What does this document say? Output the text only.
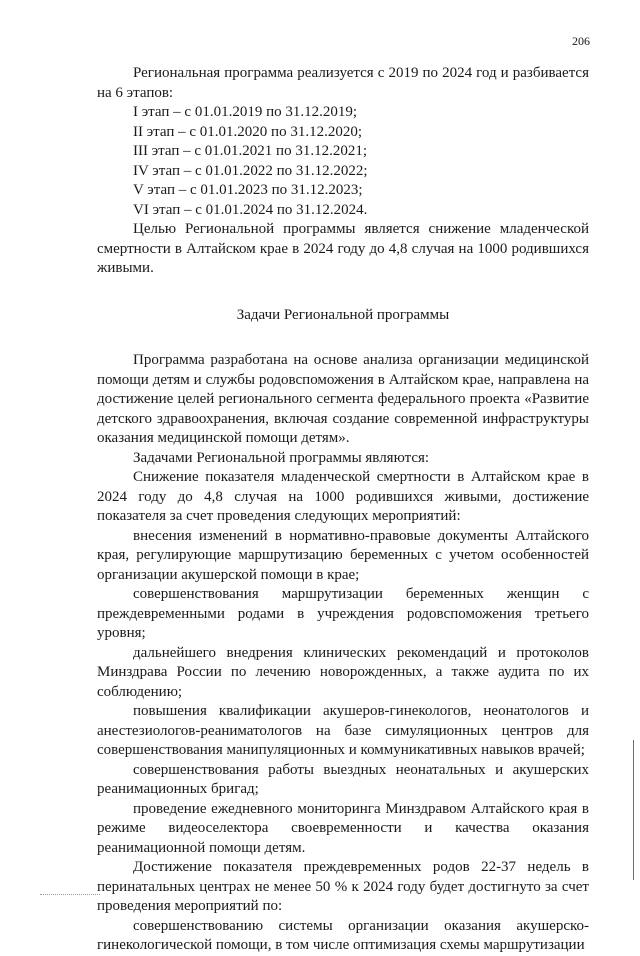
206

Региональная программа реализуется с 2019 по 2024 год и разбивается на 6 этапов:

I этап – с 01.01.2019 по 31.12.2019;

II этап – с 01.01.2020 по 31.12.2020;

III этап – с 01.01.2021 по 31.12.2021;

IV этап – с 01.01.2022 по 31.12.2022;

V этап – с 01.01.2023 по 31.12.2023;

VI этап – с 01.01.2024 по 31.12.2024.

Целью Региональной программы является снижение младенческой смертности в Алтайском крае в 2024 году до 4,8 случая на 1000 родившихся живыми.

Задачи Региональной программы

Программа разработана на основе анализа организации медицинской помощи детям и службы родовспоможения в Алтайском крае, направлена на достижение целей регионального сегмента федерального проекта «Развитие детского здравоохранения, включая создание современной инфраструктуры оказания медицинской помощи детям».

Задачами Региональной программы являются:

Снижение показателя младенческой смертности в Алтайском крае в 2024 году до 4,8 случая на 1000 родившихся живыми, достижение показателя за счет проведения следующих мероприятий:

внесения изменений в нормативно-правовые документы Алтайского края, регулирующие маршрутизацию беременных с учетом особенностей организации акушерской помощи в крае;

совершенствования маршрутизации беременных женщин с преждевременными родами в учреждения родовспоможения третьего уровня;

дальнейшего внедрения клинических рекомендаций и протоколов Минздрава России по лечению новорожденных, а также аудита по их соблюдению;

повышения квалификации акушеров-гинекологов, неонатологов и анестезиологов-реаниматологов на базе симуляционных центров для совершенствования манипуляционных и коммуникативных навыков врачей;

совершенствования работы выездных неонатальных и акушерских реанимационных бригад;

проведение ежедневного мониторинга Минздравом Алтайского края в режиме видеоселектора своевременности и качества оказания реанимационной помощи детям.

Достижение показателя преждевременных родов 22-37 недель в перинатальных центрах не менее 50 % к 2024 году будет достигнуто за счет проведения мероприятий по:

совершенствованию системы организации оказания акушерско-гинекологической помощи, в том числе оптимизация схемы маршрутизации
